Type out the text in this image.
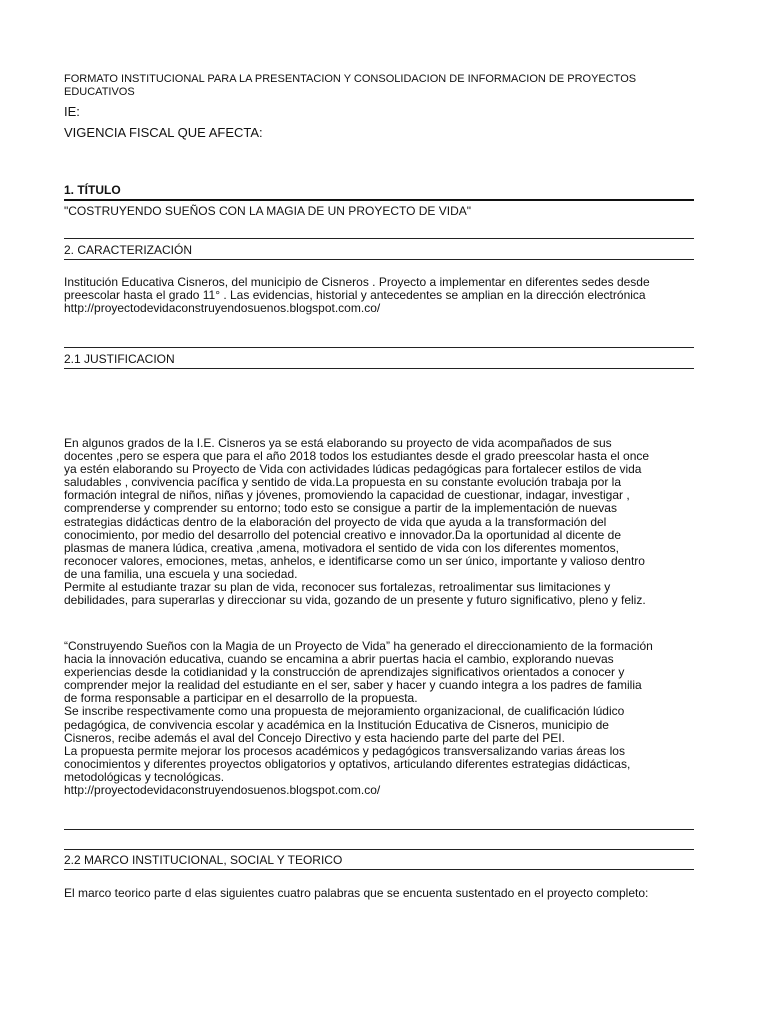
FORMATO INSTITUCIONAL PARA LA PRESENTACION Y CONSOLIDACION DE INFORMACION DE PROYECTOS EDUCATIVOS
IE:
VIGENCIA FISCAL QUE AFECTA:
1. TÍTULO
"COSTRUYENDO SUEÑOS CON LA MAGIA DE UN PROYECTO DE VIDA"
2. CARACTERIZACIÓN

Institución Educativa Cisneros, del municipio de Cisneros . Proyecto a implementar en diferentes sedes desde

preescolar hasta el grado 11° . Las evidencias, historial y antecedentes se amplian en la dirección electrónica

http://proyectodevidaconstruyendosuenos.blogspot.com.co/

2.1 JUSTIFICACION

En algunos grados de la I.E. Cisneros ya se está elaborando su proyecto de vida acompañados de sus

docentes ,pero se espera que para el año 2018 todos los estudiantes desde el grado preescolar hasta el once

ya estén elaborando su Proyecto de Vida con actividades lúdicas pedagógicas para fortalecer estilos de vida

saludables , convivencia pacífica y sentido de vida.La propuesta en su constante evolución trabaja por la

formación integral de niños, niñas y jóvenes, promoviendo la capacidad de cuestionar, indagar, investigar ,

comprenderse y comprender su entorno; todo esto se consigue a partir de la implementación de nuevas

estrategias didácticas dentro de la elaboración del proyecto de vida que ayuda a la transformación del

conocimiento, por medio del desarrollo del potencial creativo e innovador.Da la oportunidad al dicente de

plasmas de manera lúdica, creativa ,amena, motivadora el sentido de vida con los diferentes momentos,

reconocer valores, emociones, metas, anhelos, e identificarse como un ser único, importante y valioso dentro

de una familia, una escuela y una sociedad.

Permite al estudiante trazar su plan de vida, reconocer sus fortalezas, retroalimentar sus limitaciones y

debilidades, para superarlas y direccionar su vida, gozando de un presente y futuro significativo, pleno y feliz.

“Construyendo Sueños con la Magia de un Proyecto de Vida” ha generado el direccionamiento de la formación

hacia la innovación educativa, cuando se encamina a abrir puertas hacia el cambio, explorando nuevas

experiencias desde la cotidianidad y la construcción de aprendizajes significativos orientados a conocer y

comprender mejor la realidad del estudiante en el ser, saber y hacer y cuando integra a los padres de familia

de forma responsable a participar en el desarrollo de la propuesta.

Se inscribe respectivamente como una propuesta de mejoramiento organizacional, de cualificación lúdico

pedagógica, de convivencia escolar y académica en la Institución Educativa de Cisneros, municipio de

Cisneros, recibe además el aval del Concejo Directivo y esta haciendo parte del parte del PEI.

La propuesta permite mejorar los procesos académicos y pedagógicos transversalizando varias áreas los

conocimientos y diferentes proyectos obligatorios y optativos, articulando diferentes estrategias didácticas,

metodológicas y tecnológicas.

http://proyectodevidaconstruyendosuenos.blogspot.com.co/

2.2 MARCO INSTITUCIONAL, SOCIAL Y TEORICO

El marco teorico parte d elas siguientes cuatro palabras que se encuenta sustentado en el proyecto completo:
